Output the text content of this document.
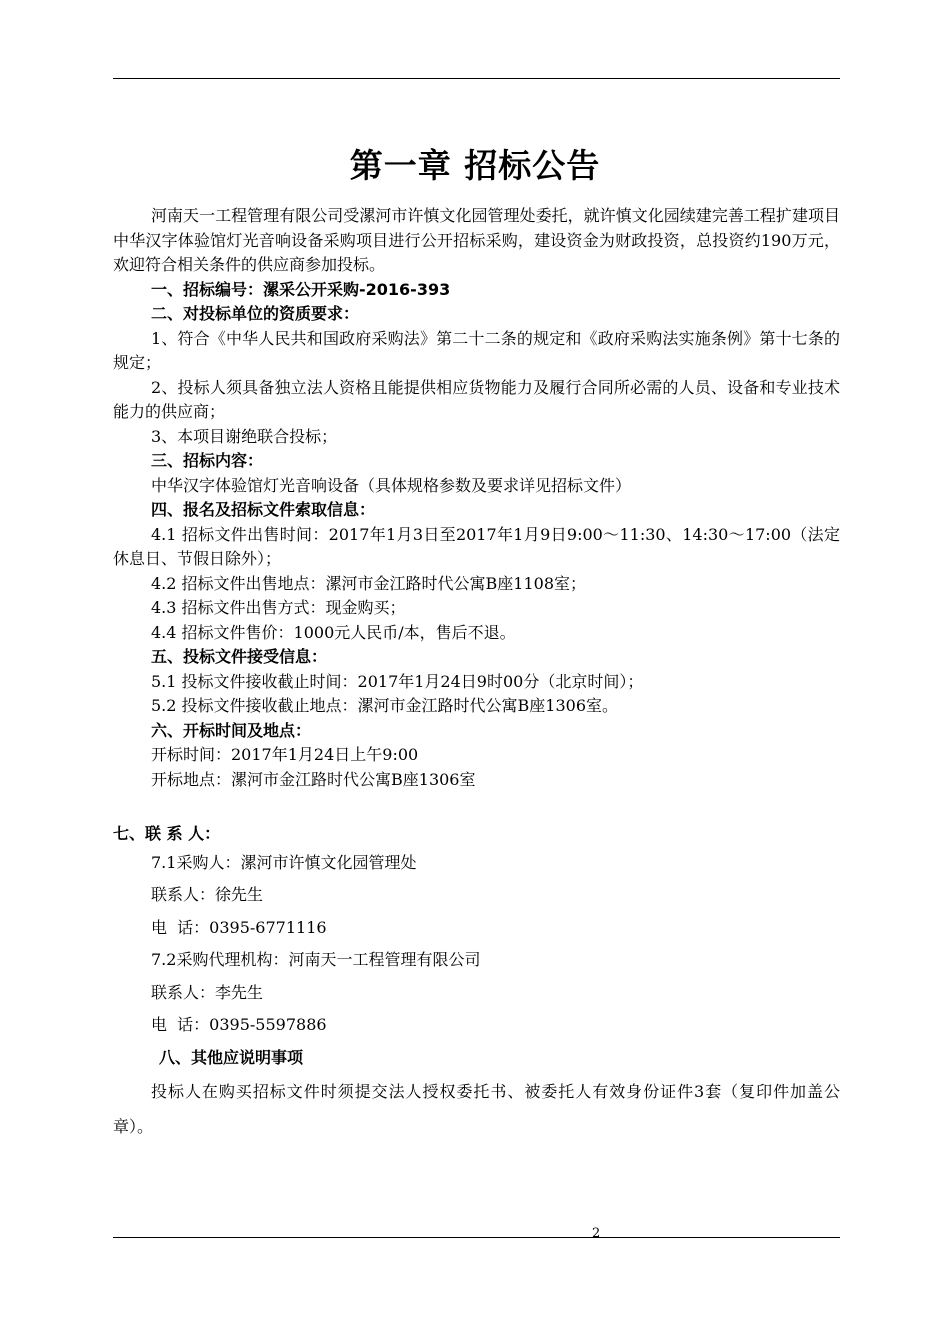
第一章 招标公告

河南天一工程管理有限公司受漯河市许慎文化园管理处委托，就许慎文化园续建完善工程扩建项目中华汉字体验馆灯光音响设备采购项目进行公开招标采购，建设资金为财政投资，总投资约190万元，欢迎符合相关条件的供应商参加投标。

一、招标编号：漯采公开采购-2016-393

二、对投标单位的资质要求：

1、符合《中华人民共和国政府采购法》第二十二条的规定和《政府采购法实施条例》第十七条的规定；

2、投标人须具备独立法人资格且能提供相应货物能力及履行合同所必需的人员、设备和专业技术能力的供应商；

3、本项目谢绝联合投标；

三、招标内容：

中华汉字体验馆灯光音响设备（具体规格参数及要求详见招标文件）

四、报名及招标文件索取信息：

4.1 招标文件出售时间：2017年1月3日至2017年1月9日9:00～11:30、14:30～17:00（法定休息日、节假日除外）；

4.2 招标文件出售地点：漯河市金江路时代公寓B座1108室；

4.3 招标文件出售方式：现金购买；

4.4 招标文件售价：1000元人民币/本，售后不退。

五、投标文件接受信息：

5.1 投标文件接收截止时间：2017年1月24日9时00分（北京时间）；

5.2 投标文件接收截止地点：漯河市金江路时代公寓B座1306室。

六、开标时间及地点：

开标时间：2017年1月24日上午9:00

开标地点：漯河市金江路时代公寓B座1306室

七、联 系 人：

7.1采购人：漯河市许慎文化园管理处

联系人：徐先生

电  话：0395-6771116

7.2采购代理机构：河南天一工程管理有限公司

联系人：李先生

电  话：0395-5597886

八、其他应说明事项

投标人在购买招标文件时须提交法人授权委托书、被委托人有效身份证件3套（复印件加盖公章）。

2
